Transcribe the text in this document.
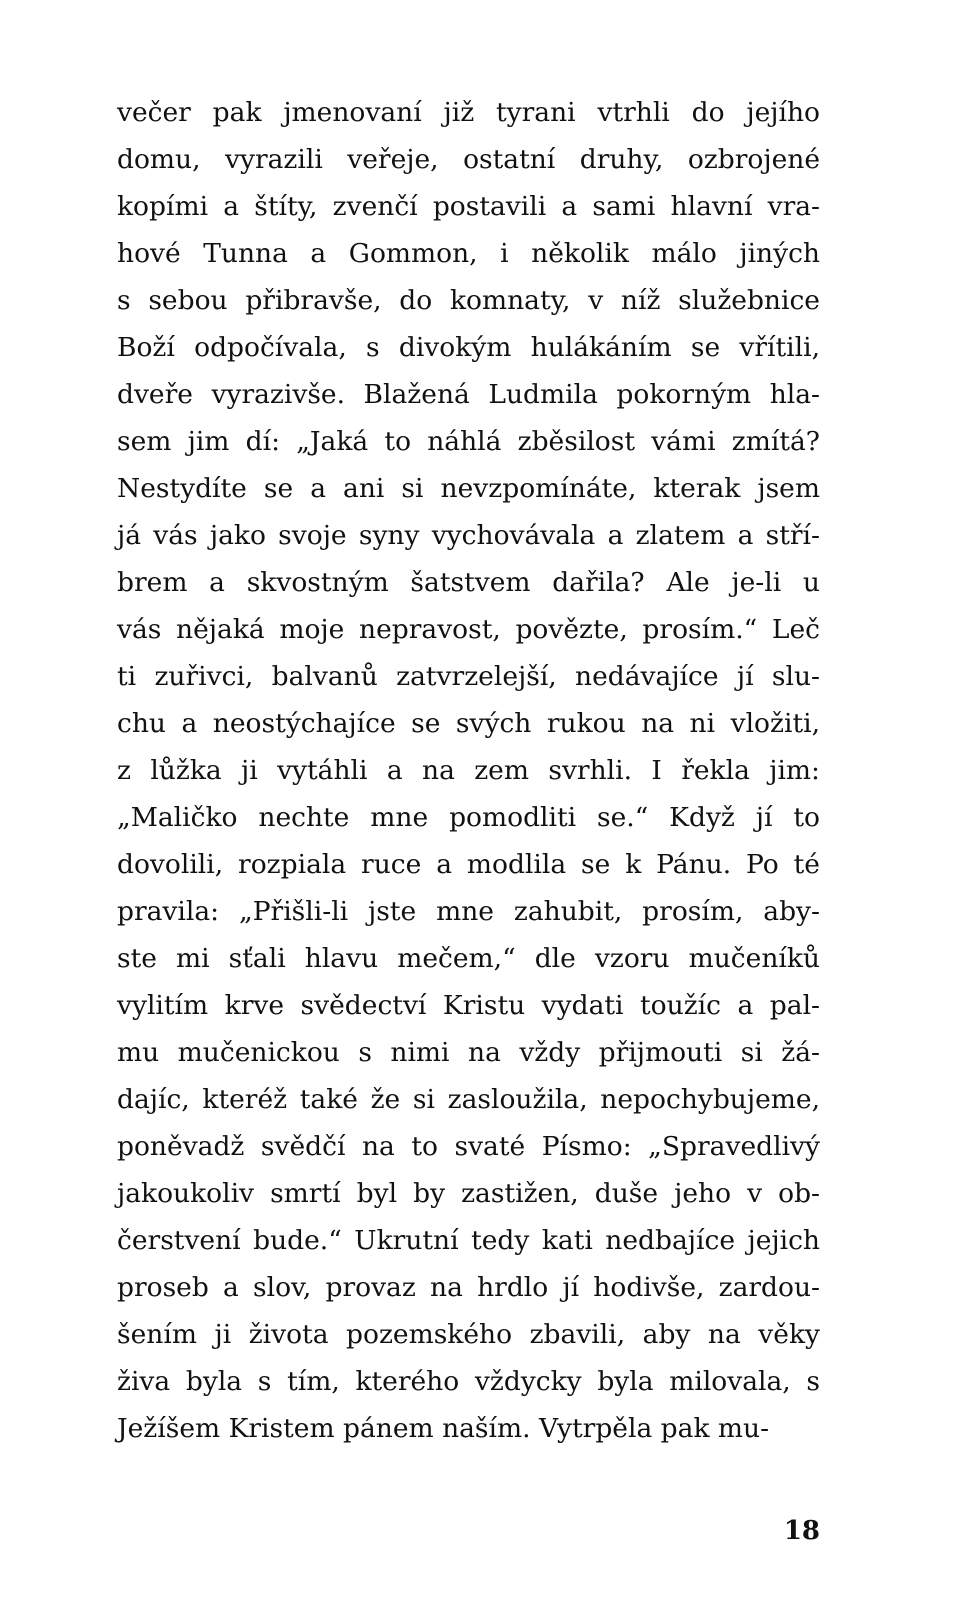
večer pak jmenovaní již tyrani vtrhli do jejího
domu, vyrazili veřeje, ostatní druhy, ozbrojené
kopími a štíty, zvenčí postavili a sami hlavní vra-
hové Tunna a Gommon, i několik málo jiných
s sebou přibravše, do komnaty, v níž služebnice
Boží odpočívala, s divokým hulákáním se vřítili,
dveře vyrazivše. Blažená Ludmila pokorným hla-
sem jim dí: „Jaká to náhlá zběsilost vámi zmítá?
Nestydíte se a ani si nevzpomínáte, kterak jsem
já vás jako svoje syny vychovávala a zlatem a stří-
brem a skvostným šatstvem dařila? Ale je-li u
vás nějaká moje nepravost, povězte, prosím.“ Leč
ti zuřivci, balvanů zatvrzelejší, nedávajíce jí slu-
chu a neostýchajíce se svých rukou na ni vložiti,
z lůžka ji vytáhli a na zem svrhli. I řekla jim:
„Maličko nechte mne pomodliti se.“ Když jí to
dovolili, rozpiala ruce a modlila se k Pánu. Po té
pravila: „Přišli-li jste mne zahubit, prosím, aby-
ste mi sťali hlavu mečem,“ dle vzoru mučeníků
vylitím krve svědectví Kristu vydati toužíc a pal-
mu mučenickou s nimi na vždy přijmouti si žá-
dajíc, kteréž také že si zasloužila, nepochybujeme,
poněvadž svědčí na to svaté Písmo: „Spravedlivý
jakoukoliv smrtí byl by zastižen, duše jeho v ob-
čerstvení bude.“ Ukrutní tedy kati nedbajíce jejich
proseb a slov, provaz na hrdlo jí hodivše, zardou-
šením ji života pozemského zbavili, aby na věky
živa byla s tím, kterého vždycky byla milovala, s
Ježíšem Kristem pánem naším. Vytrpěla pak mu-
18
